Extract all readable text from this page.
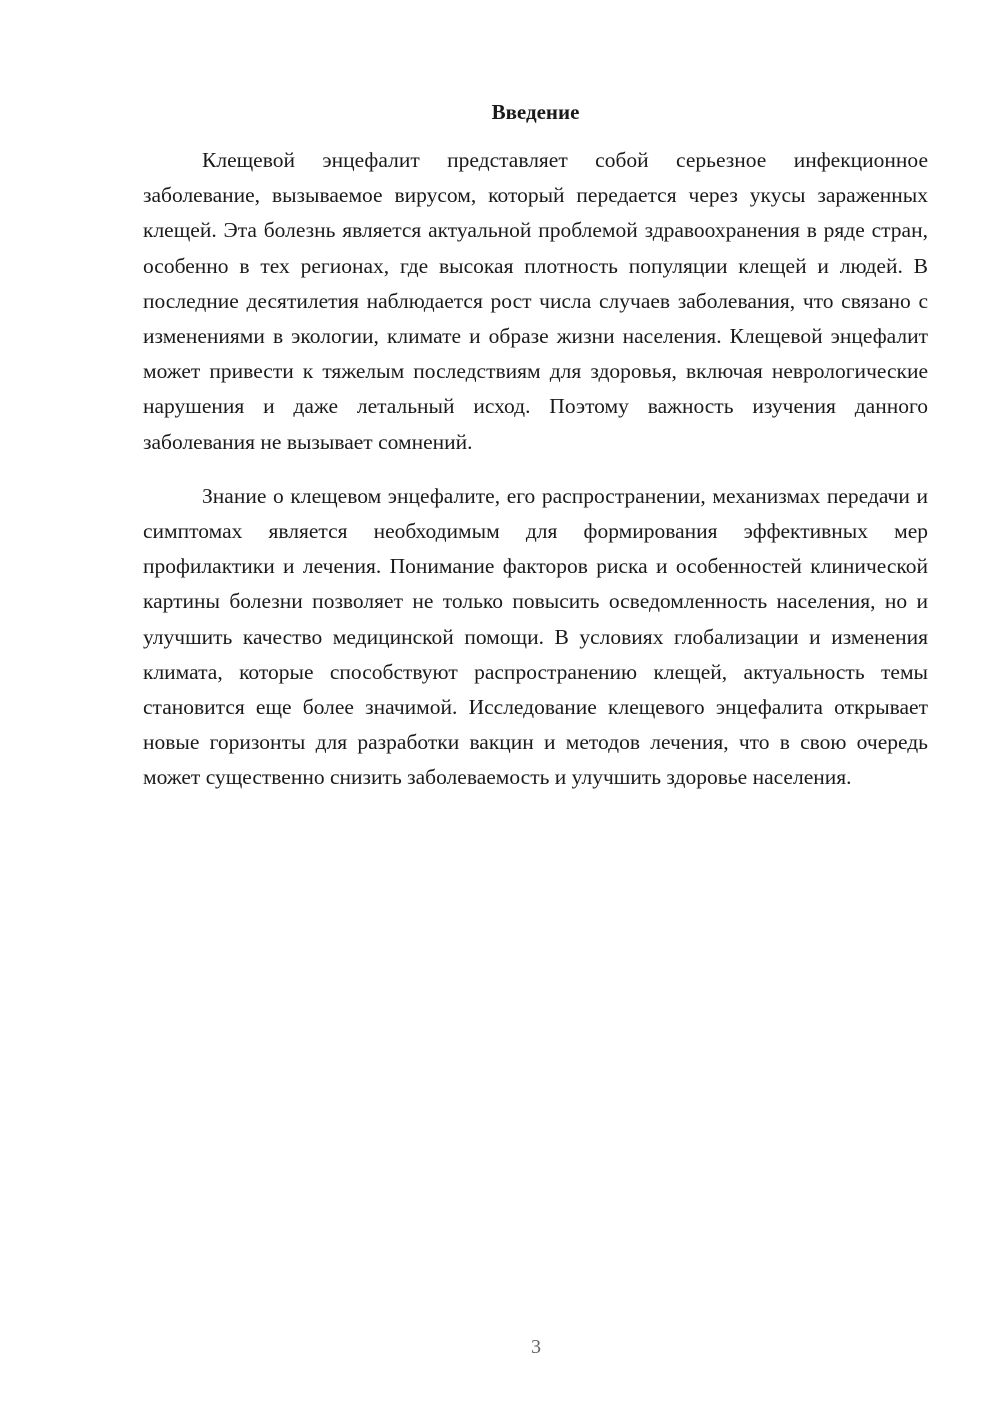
Введение

Клещевой энцефалит представляет собой серьезное инфекционное заболевание, вызываемое вирусом, который передается через укусы зараженных клещей. Эта болезнь является актуальной проблемой здравоохранения в ряде стран, особенно в тех регионах, где высокая плотность популяции клещей и людей. В последние десятилетия наблюдается рост числа случаев заболевания, что связано с изменениями в экологии, климате и образе жизни населения. Клещевой энцефалит может привести к тяжелым последствиям для здоровья, включая неврологические нарушения и даже летальный исход. Поэтому важность изучения данного заболевания не вызывает сомнений.

Знание о клещевом энцефалите, его распространении, механизмах передачи и симптомах является необходимым для формирования эффективных мер профилактики и лечения. Понимание факторов риска и особенностей клинической картины болезни позволяет не только повысить осведомленность населения, но и улучшить качество медицинской помощи. В условиях глобализации и изменения климата, которые способствуют распространению клещей, актуальность темы становится еще более значимой. Исследование клещевого энцефалита открывает новые горизонты для разработки вакцин и методов лечения, что в свою очередь может существенно снизить заболеваемость и улучшить здоровье населения.

3
